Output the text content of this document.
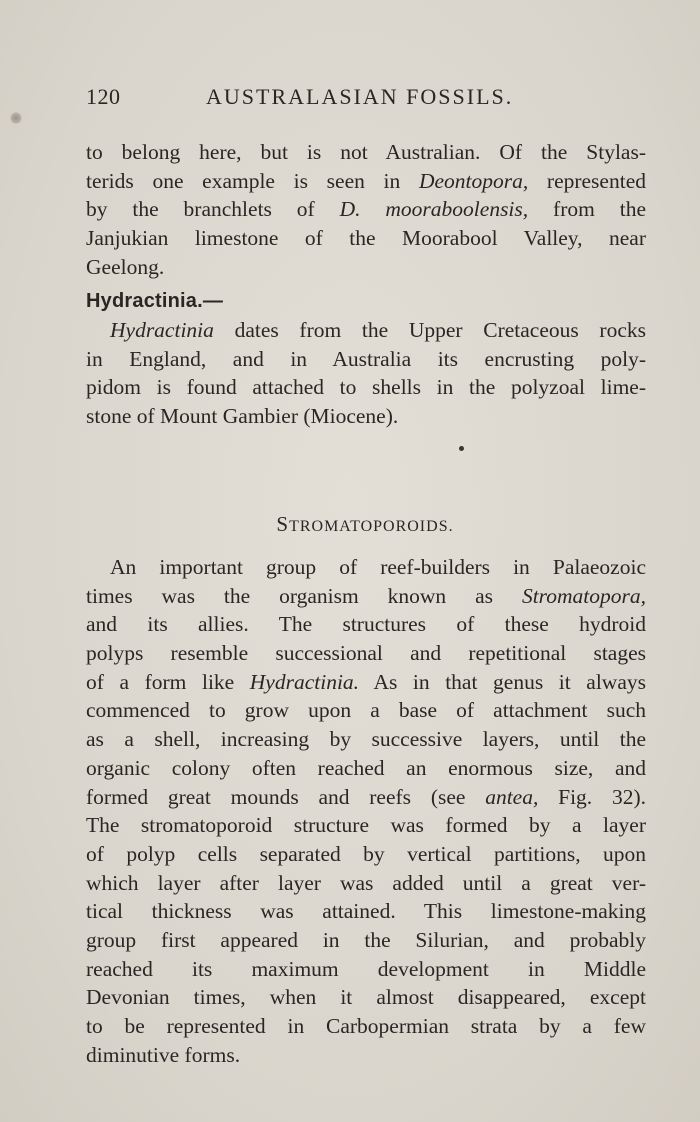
120	AUSTRALASIAN FOSSILS.
to belong here, but is not Australian. Of the Stylas-
terids one example is seen in Deontopora, represented
by the branchlets of D. mooraboolensis, from the
Janjukian limestone of the Moorabool Valley, near
Geelong.
Hydractinia.—
Hydractinia dates from the Upper Cretaceous rocks
in England, and in Australia its encrusting poly-
pidom is found attached to shells in the polyzoal lime-
stone of Mount Gambier (Miocene).
STROMATOPOROIDS.
An important group of reef-builders in Palaeozoic
times was the organism known as Stromatopora,
and its allies. The structures of these hydroid
polyps resemble successional and repetitional stages
of a form like Hydractinia. As in that genus it always
commenced to grow upon a base of attachment such
as a shell, increasing by successive layers, until the
organic colony often reached an enormous size, and
formed great mounds and reefs (see antea, Fig. 32).
The stromatoporoid structure was formed by a layer
of polyp cells separated by vertical partitions, upon
which layer after layer was added until a great ver-
tical thickness was attained. This limestone-making
group first appeared in the Silurian, and probably
reached its maximum development in Middle
Devonian times, when it almost disappeared, except
to be represented in Carbopermian strata by a few
diminutive forms.
